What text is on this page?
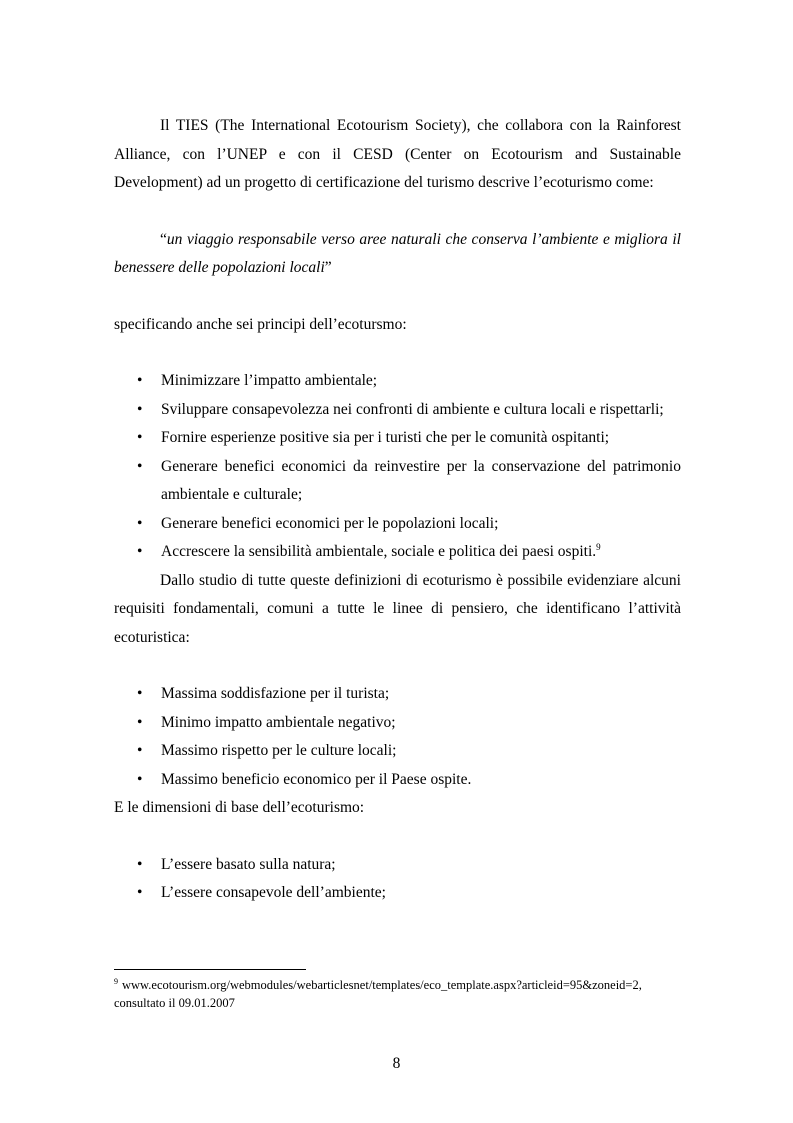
Il TIES (The International Ecotourism Society), che collabora con la Rainforest Alliance, con l’UNEP e con il CESD (Center on Ecotourism and Sustainable Development) ad un progetto di certificazione del turismo descrive l’ecoturismo come:

“un viaggio responsabile verso aree naturali che conserva l’ambiente e migliora il benessere delle popolazioni locali”

specificando anche sei principi dell’ecotursmo:

• Minimizzare l’impatto ambientale;
• Sviluppare consapevolezza nei confronti di ambiente e cultura locali e rispettarli;
• Fornire esperienze positive sia per i turisti che per le comunità ospitanti;
• Generare benefici economici da reinvestire per la conservazione del patrimonio ambientale e culturale;
• Generare benefici economici per le popolazioni locali;
• Accrescere la sensibilità ambientale, sociale e politica dei paesi ospiti.$^9$

Dallo studio di tutte queste definizioni di ecoturismo è possibile evidenziare alcuni requisiti fondamentali, comuni a tutte le linee di pensiero, che identificano l’attività ecoturistica:

• Massima soddisfazione per il turista;
• Minimo impatto ambientale negativo;
• Massimo rispetto per le culture locali;
• Massimo beneficio economico per il Paese ospite.

E le dimensioni di base dell’ecoturismo:

• L’essere basato sulla natura;
• L’essere consapevole dell’ambiente;
$^9$ www.ecotourism.org/webmodules/webarticlesnet/templates/eco_template.aspx?articleid=95&zoneid=2, consultato il 09.01.2007
8
